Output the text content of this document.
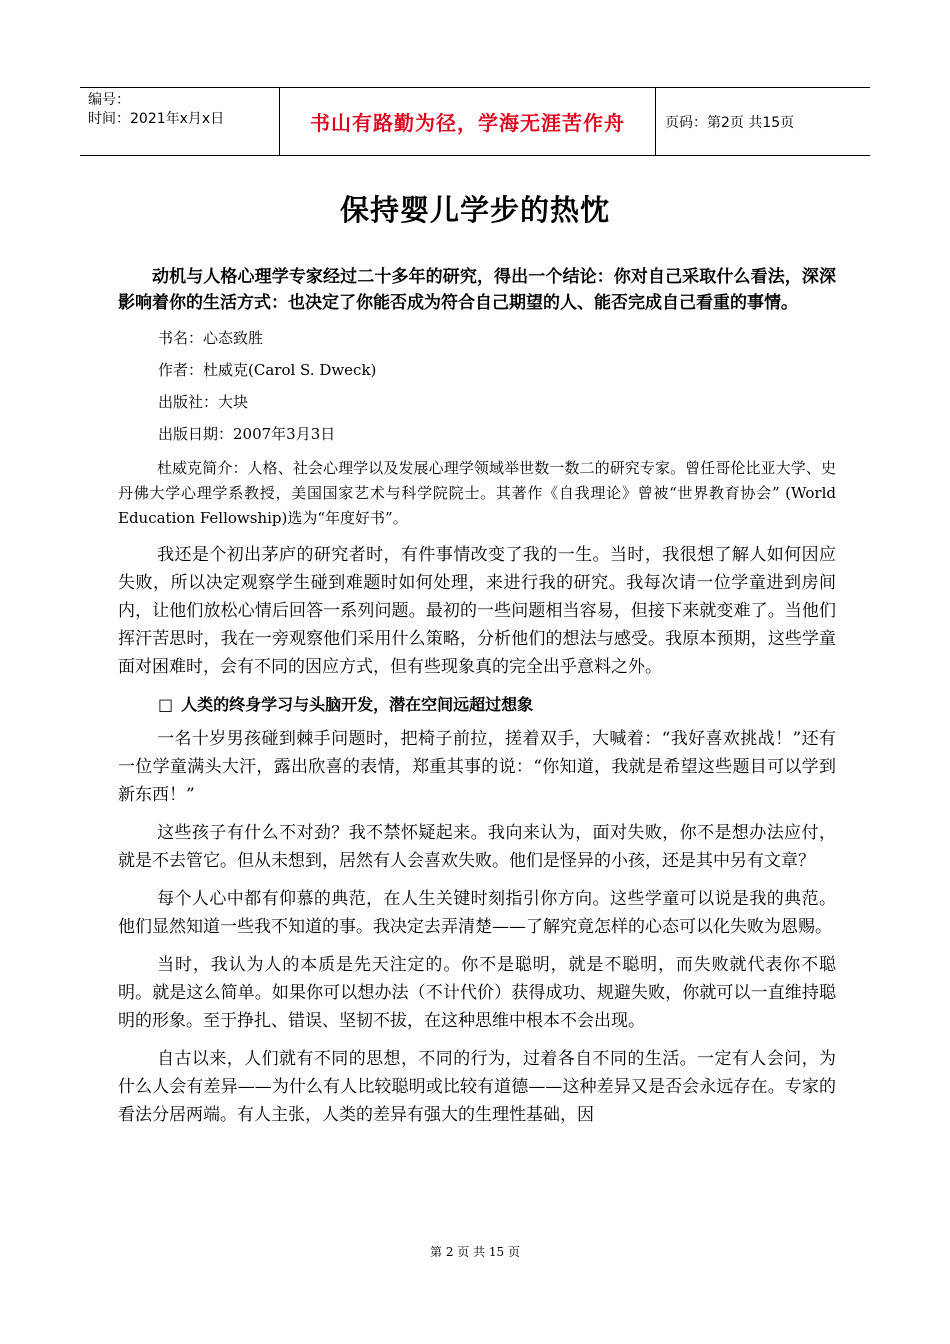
编号：
时间：2021年x月x日	书山有路勤为径，学海无涯苦作舟	页码：第2页 共15页
保持婴儿学步的热忱

动机与人格心理学专家经过二十多年的研究，得出一个结论：你对自己采取什么看法，深深影响着你的生活方式：也决定了你能否成为符合自己期望的人、能否完成自己看重的事情。

书名：心态致胜

作者：杜威克(Carol S. Dweck)

出版社：大块

出版日期：2007年3月3日

杜威克简介：人格、社会心理学以及发展心理学领域举世数一数二的研究专家。曾任哥伦比亚大学、史丹佛大学心理学系教授，美国国家艺术与科学院院士。其著作《自我理论》曾被“世界教育协会” (World Education Fellowship)选为“年度好书”。

我还是个初出茅庐的研究者时，有件事情改变了我的一生。当时，我很想了解人如何因应失败，所以决定观察学生碰到难题时如何处理，来进行我的研究。我每次请一位学童进到房间内，让他们放松心情后回答一系列问题。最初的一些问题相当容易，但接下来就变难了。当他们挥汗苦思时，我在一旁观察他们采用什么策略，分析他们的想法与感受。我原本预期，这些学童面对困难时，会有不同的因应方式，但有些现象真的完全出乎意料之外。

□ 人类的终身学习与头脑开发，潜在空间远超过想象

一名十岁男孩碰到棘手问题时，把椅子前拉，搓着双手，大喊着：“我好喜欢挑战！”还有一位学童满头大汗，露出欣喜的表情，郑重其事的说：“你知道，我就是希望这些题目可以学到新东西！”

这些孩子有什么不对劲？我不禁怀疑起来。我向来认为，面对失败，你不是想办法应付，就是不去管它。但从未想到，居然有人会喜欢失败。他们是怪异的小孩，还是其中另有文章？

每个人心中都有仰慕的典范，在人生关键时刻指引你方向。这些学童可以说是我的典范。他们显然知道一些我不知道的事。我决定去弄清楚——了解究竟怎样的心态可以化失败为恩赐。

当时，我认为人的本质是先天注定的。你不是聪明，就是不聪明，而失败就代表你不聪明。就是这么简单。如果你可以想办法（不计代价）获得成功、规避失败，你就可以一直维持聪明的形象。至于挣扎、错误、坚韧不拔，在这种思维中根本不会出现。

自古以来，人们就有不同的思想，不同的行为，过着各自不同的生活。一定有人会问，为什么人会有差异——为什么有人比较聪明或比较有道德——这种差异又是否会永远存在。专家的看法分居两端。有人主张，人类的差异有强大的生理性基础，因

第 2 页 共 15 页
